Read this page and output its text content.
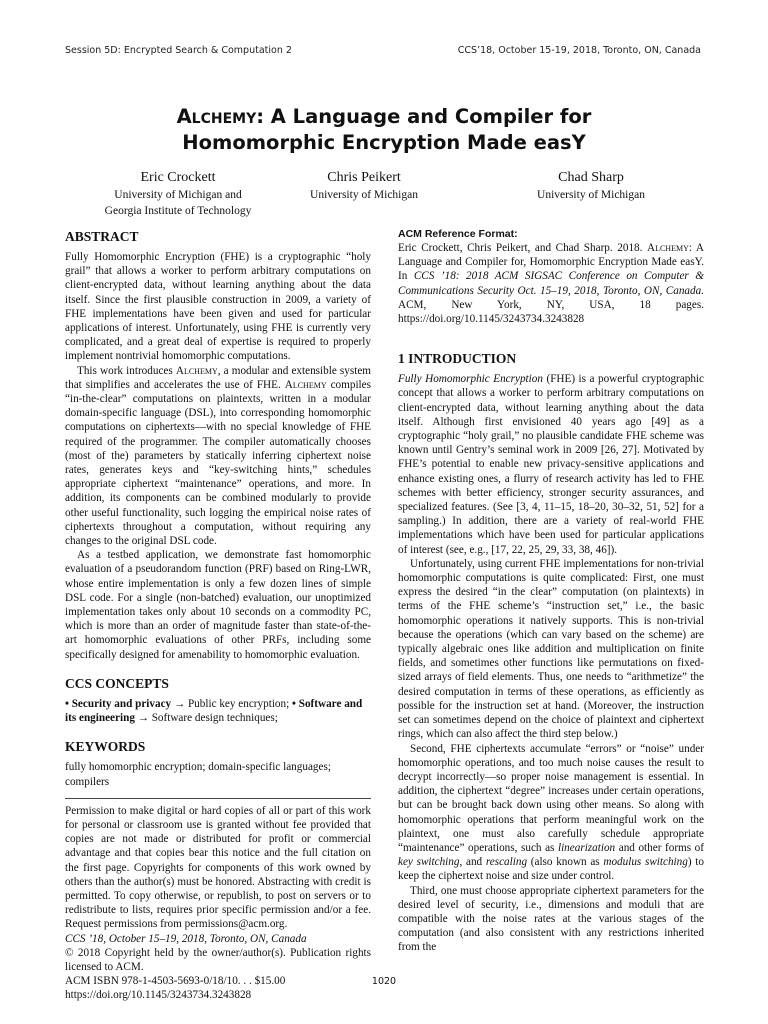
Session 5D: Encrypted Search & Computation 2	CCS’18, October 15-19, 2018, Toronto, ON, Canada
Alchemy: A Language and Compiler for
Homomorphic Encryption Made easY
Eric Crockett
University of Michigan and
Georgia Institute of Technology
Chris Peikert
University of Michigan
Chad Sharp
University of Michigan
ABSTRACT

Fully Homomorphic Encryption (FHE) is a cryptographic “holy grail” that allows a worker to perform arbitrary computations on client-encrypted data, without learning anything about the data itself. Since the first plausible construction in 2009, a variety of FHE implementations have been given and used for particular applications of interest. Unfortunately, using FHE is currently very complicated, and a great deal of expertise is required to properly implement nontrivial homomorphic computations.

This work introduces Alchemy, a modular and extensible system that simplifies and accelerates the use of FHE. Alchemy compiles “in-the-clear” computations on plaintexts, written in a modular domain-specific language (DSL), into corresponding homomorphic computations on ciphertexts—with no special knowledge of FHE required of the programmer. The compiler automatically chooses (most of the) parameters by statically inferring ciphertext noise rates, generates keys and “key-switching hints,” schedules appropriate ciphertext “maintenance” operations, and more. In addition, its components can be combined modularly to provide other useful functionality, such logging the empirical noise rates of ciphertexts throughout a computation, without requiring any changes to the original DSL code.

As a testbed application, we demonstrate fast homomorphic evaluation of a pseudorandom function (PRF) based on Ring-LWR, whose entire implementation is only a few dozen lines of simple DSL code. For a single (non-batched) evaluation, our unoptimized implementation takes only about 10 seconds on a commodity PC, which is more than an order of magnitude faster than state-of-the-art homomorphic evaluations of other PRFs, including some specifically designed for amenability to homomorphic evaluation.

CCS CONCEPTS

• Security and privacy → Public key encryption; • Software and its engineering → Software design techniques;

KEYWORDS

fully homomorphic encryption; domain-specific languages; compilers

Permission to make digital or hard copies of all or part of this work for personal or classroom use is granted without fee provided that copies are not made or distributed for profit or commercial advantage and that copies bear this notice and the full citation on the first page. Copyrights for components of this work owned by others than the author(s) must be honored. Abstracting with credit is permitted. To copy otherwise, or republish, to post on servers or to redistribute to lists, requires prior specific permission and/or a fee. Request permissions from permissions@acm.org.

CCS ’18, October 15–19, 2018, Toronto, ON, Canada

© 2018 Copyright held by the owner/author(s). Publication rights licensed to ACM.

ACM ISBN 978-1-4503-5693-0/18/10. . . $15.00

https://doi.org/10.1145/3243734.3243828

ACM Reference Format:

Eric Crockett, Chris Peikert, and Chad Sharp. 2018. Alchemy: A Language and Compiler for, Homomorphic Encryption Made easY. In CCS ’18: 2018 ACM SIGSAC Conference on Computer & Communications Security Oct. 15–19, 2018, Toronto, ON, Canada. ACM, New York, NY, USA, 18 pages. https://doi.org/10.1145/3243734.3243828

1 INTRODUCTION

Fully Homomorphic Encryption (FHE) is a powerful cryptographic concept that allows a worker to perform arbitrary computations on client-encrypted data, without learning anything about the data itself. Although first envisioned 40 years ago [49] as a cryptographic “holy grail,” no plausible candidate FHE scheme was known until Gentry’s seminal work in 2009 [26, 27]. Motivated by FHE’s potential to enable new privacy-sensitive applications and enhance existing ones, a flurry of research activity has led to FHE schemes with better efficiency, stronger security assurances, and specialized features. (See [3, 4, 11–15, 18–20, 30–32, 51, 52] for a sampling.) In addition, there are a variety of real-world FHE implementations which have been used for particular applications of interest (see, e.g., [17, 22, 25, 29, 33, 38, 46]).

Unfortunately, using current FHE implementations for non-trivial homomorphic computations is quite complicated: First, one must express the desired “in the clear” computation (on plaintexts) in terms of the FHE scheme’s “instruction set,” i.e., the basic homomorphic operations it natively supports. This is non-trivial because the operations (which can vary based on the scheme) are typically algebraic ones like addition and multiplication on finite fields, and sometimes other functions like permutations on fixed-sized arrays of field elements. Thus, one needs to “arithmetize” the desired computation in terms of these operations, as efficiently as possible for the instruction set at hand. (Moreover, the instruction set can sometimes depend on the choice of plaintext and ciphertext rings, which can also affect the third step below.)

Second, FHE ciphertexts accumulate “errors” or “noise” under homomorphic operations, and too much noise causes the result to decrypt incorrectly—so proper noise management is essential. In addition, the ciphertext “degree” increases under certain operations, but can be brought back down using other means. So along with homomorphic operations that perform meaningful work on the plaintext, one must also carefully schedule appropriate “maintenance” operations, such as linearization and other forms of key switching, and rescaling (also known as modulus switching) to keep the ciphertext noise and size under control.

Third, one must choose appropriate ciphertext parameters for the desired level of security, i.e., dimensions and moduli that are compatible with the noise rates at the various stages of the computation (and also consistent with any restrictions inherited from the

1020
